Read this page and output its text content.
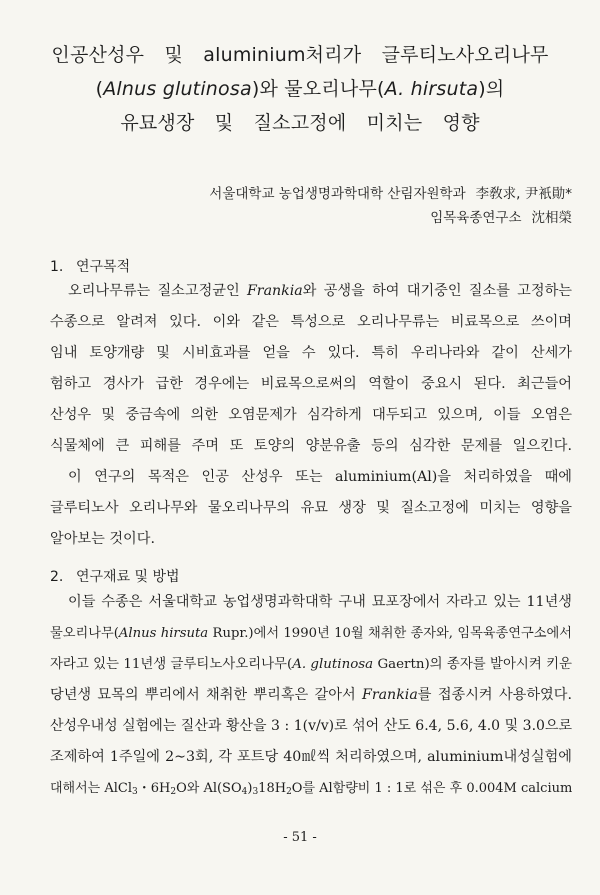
인공산성우 및 aluminium처리가 글루티노사오리나무
(Alnus glutinosa)와 물오리나무(A. hirsuta)의
유묘생장 및 질소고정에 미치는 영향
서울대학교 농업생명과학대학 산림자원학과 李敎求, 尹衹勛*
임목육종연구소 沈相榮
1. 연구목적
오리나무류는 질소고정균인 Frankia와 공생을 하여 대기중인 질소를 고정하는
수종으로 알려져 있다. 이와 같은 특성으로 오리나무류는 비료목으로 쓰이며
임내 토양개량 및 시비효과를 얻을 수 있다. 특히 우리나라와 같이 산세가
험하고 경사가 급한 경우에는 비료목으로써의 역할이 중요시 된다. 최근들어
산성우 및 중금속에 의한 오염문제가 심각하게 대두되고 있으며, 이들 오염은
식물체에 큰 피해를 주며 또 토양의 양분유출 등의 심각한 문제를 일으킨다.
이 연구의 목적은 인공 산성우 또는 aluminium(Al)을 처리하였을 때에
글루티노사 오리나무와 물오리나무의 유묘 생장 및 질소고정에 미치는 영향을
알아보는 것이다.
2. 연구재료 및 방법
이들 수종은 서울대학교 농업생명과학대학 구내 묘포장에서 자라고 있는 11년생
물오리나무(Alnus hirsuta Rupr.)에서 1990년 10월 채취한 종자와, 임목육종연구소에서
자라고 있는 11년생 글루티노사오리나무(A. glutinosa Gaertn)의 종자를 발아시켜 키운
당년생 묘목의 뿌리에서 채취한 뿌리혹은 갈아서 Frankia를 접종시켜 사용하였다.
산성우내성 실험에는 질산과 황산을 3 : 1(v/v)로 섞어 산도 6.4, 5.6, 4.0 및 3.0으로
조제하여 1주일에 2∼3회, 각 포트당 40㎖씩 처리하였으며, aluminium내성실험에
대해서는 AlCl$_3$・$6H_2O$와 $Al(SO_4)_318H_2O$를 Al함량비 1 : 1로 섞은 후 0.004M calcium
- 51 -
